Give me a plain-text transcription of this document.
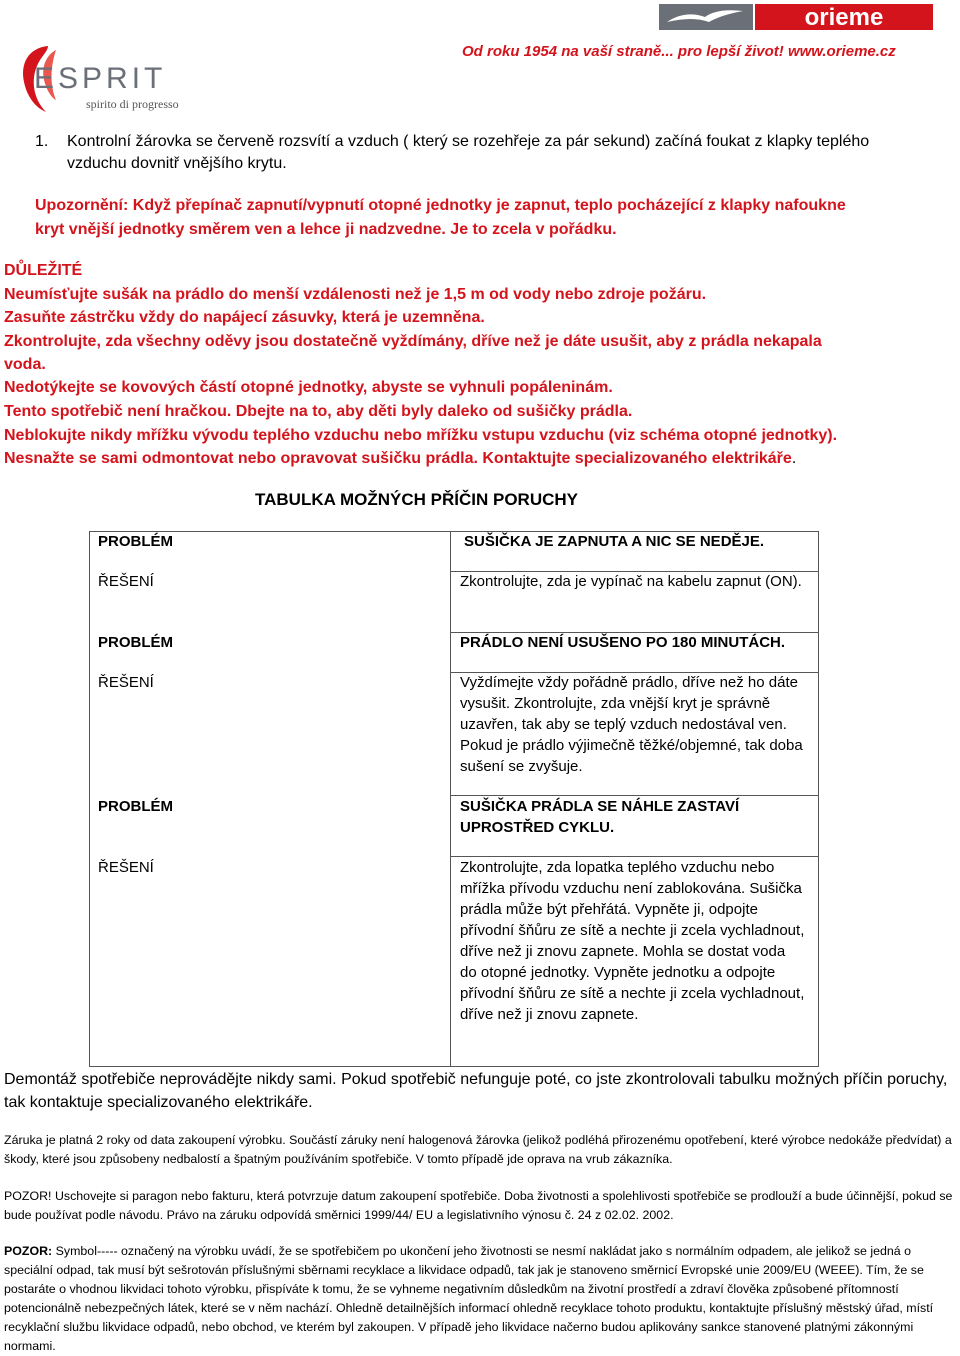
orieme
Od roku 1954 na vaší straně... pro lepší život! www.orieme.cz
ESPRIT
spirito di progresso
1. Kontrolní žárovka se červeně rozsvítí a vzduch ( který se rozehřeje za pár sekund) začíná foukat z klapky teplého
vzduchu dovnitř vnějšího krytu.
Upozornění: Když přepínač zapnutí/vypnutí otopné jednotky je zapnut, teplo pocházející z klapky nafoukne
kryt vnější jednotky směrem ven a lehce ji nadzvedne. Je to zcela v pořádku.
DŮLEŽITÉ
Neumísťujte sušák na prádlo do menší vzdálenosti než je 1,5 m od vody nebo zdroje požáru.
Zasuňte zástrčku vždy do napájecí zásuvky, která je uzemněna.
Zkontrolujte, zda všechny oděvy jsou dostatečně vyždímány, dříve než je dáte usušit, aby z prádla nekapala
voda.
Nedotýkejte se kovových částí otopné jednotky, abyste se vyhnuli popáleninám.
Tento spotřebič není hračkou. Dbejte na to, aby děti byly daleko od sušičky prádla.
Neblokujte nikdy mřížku vývodu teplého vzduchu nebo mřížku vstupu vzduchu (viz schéma otopné jednotky).
Nesnažte se sami odmontovat nebo opravovat sušičku prádla. Kontaktujte specializovaného elektrikáře.
TABULKA MOŽNÝCH PŘÍČIN PORUCHY
PROBLÉM	SUŠIČKA JE ZAPNUTA A NIC SE NEDĚJE.
ŘEŠENÍ	Zkontrolujte, zda je vypínač na kabelu zapnut (ON).
PROBLÉM	PRÁDLO NENÍ USUŠENO PO 180 MINUTÁCH.
ŘEŠENÍ	Vyždímejte vždy pořádně prádlo, dříve než ho dáte vysušit. Zkontrolujte, zda vnější kryt je správně uzavřen, tak aby se teplý vzduch nedostával ven. Pokud je prádlo výjimečně těžké/objemné, tak doba sušení se zvyšuje.
PROBLÉM	SUŠIČKA PRÁDLA SE NÁHLE ZASTAVÍ UPROSTŘED CYKLU.
ŘEŠENÍ	Zkontrolujte, zda lopatka teplého vzduchu nebo mřížka přívodu vzduchu není zablokována. Sušička prádla může být přehřátá. Vypněte ji, odpojte přívodní šňůru ze sítě a nechte ji zcela vychladnout, dříve než ji znovu zapnete. Mohla se dostat voda do otopné jednotky. Vypněte jednotku a odpojte přívodní šňůru ze sítě a nechte ji zcela vychladnout, dříve než ji znovu zapnete.
Demontáž spotřebiče neprovádějte nikdy sami. Pokud spotřebič nefunguje poté, co jste zkontrolovali tabulku možných příčin poruchy, tak kontaktuje specializovaného elektrikáře.
Záruka je platná 2 roky od data zakoupení výrobku. Součástí záruky není halogenová žárovka (jelikož podléhá přirozenému opotřebení, které výrobce nedokáže předvídat) a škody, které jsou způsobeny nedbalostí a špatným používáním spotřebiče. V tomto případě jde oprava na vrub zákazníka.
POZOR! Uschovejte si paragon nebo fakturu, která potvrzuje datum zakoupení spotřebiče. Doba životnosti a spolehlivosti spotřebiče se prodlouží a bude účinnější, pokud se bude používat podle návodu. Právo na záruku odpovídá směrnici 1999/44/ EU a legislativního výnosu č. 24 z 02.02. 2002.
POZOR: Symbol----- označený na výrobku uvádí, že se spotřebičem po ukončení jeho životnosti se nesmí nakládat jako s normálním odpadem, ale jelikož se jedná o speciální odpad, tak musí být sešrotován příslušnými sběrnami recyklace a likvidace odpadů, tak jak je stanoveno směrnicí Evropské unie 2009/EU (WEEE). Tím, že se postaráte o vhodnou likvidaci tohoto výrobku, přispíváte k tomu, že se vyhneme negativním důsledkům na životní prostředí a zdraví člověka způsobené přítomností potencionálně nebezpečných látek, které se v něm nachází. Ohledně detailnějších informací ohledně recyklace tohoto produktu, kontaktujte příslušný městský úřad, místí recyklační službu likvidace odpadů, nebo obchod, ve kterém byl zakoupen. V případě jeho likvidace načerno budou aplikovány sankce stanovené platnými zákonnými normami.
